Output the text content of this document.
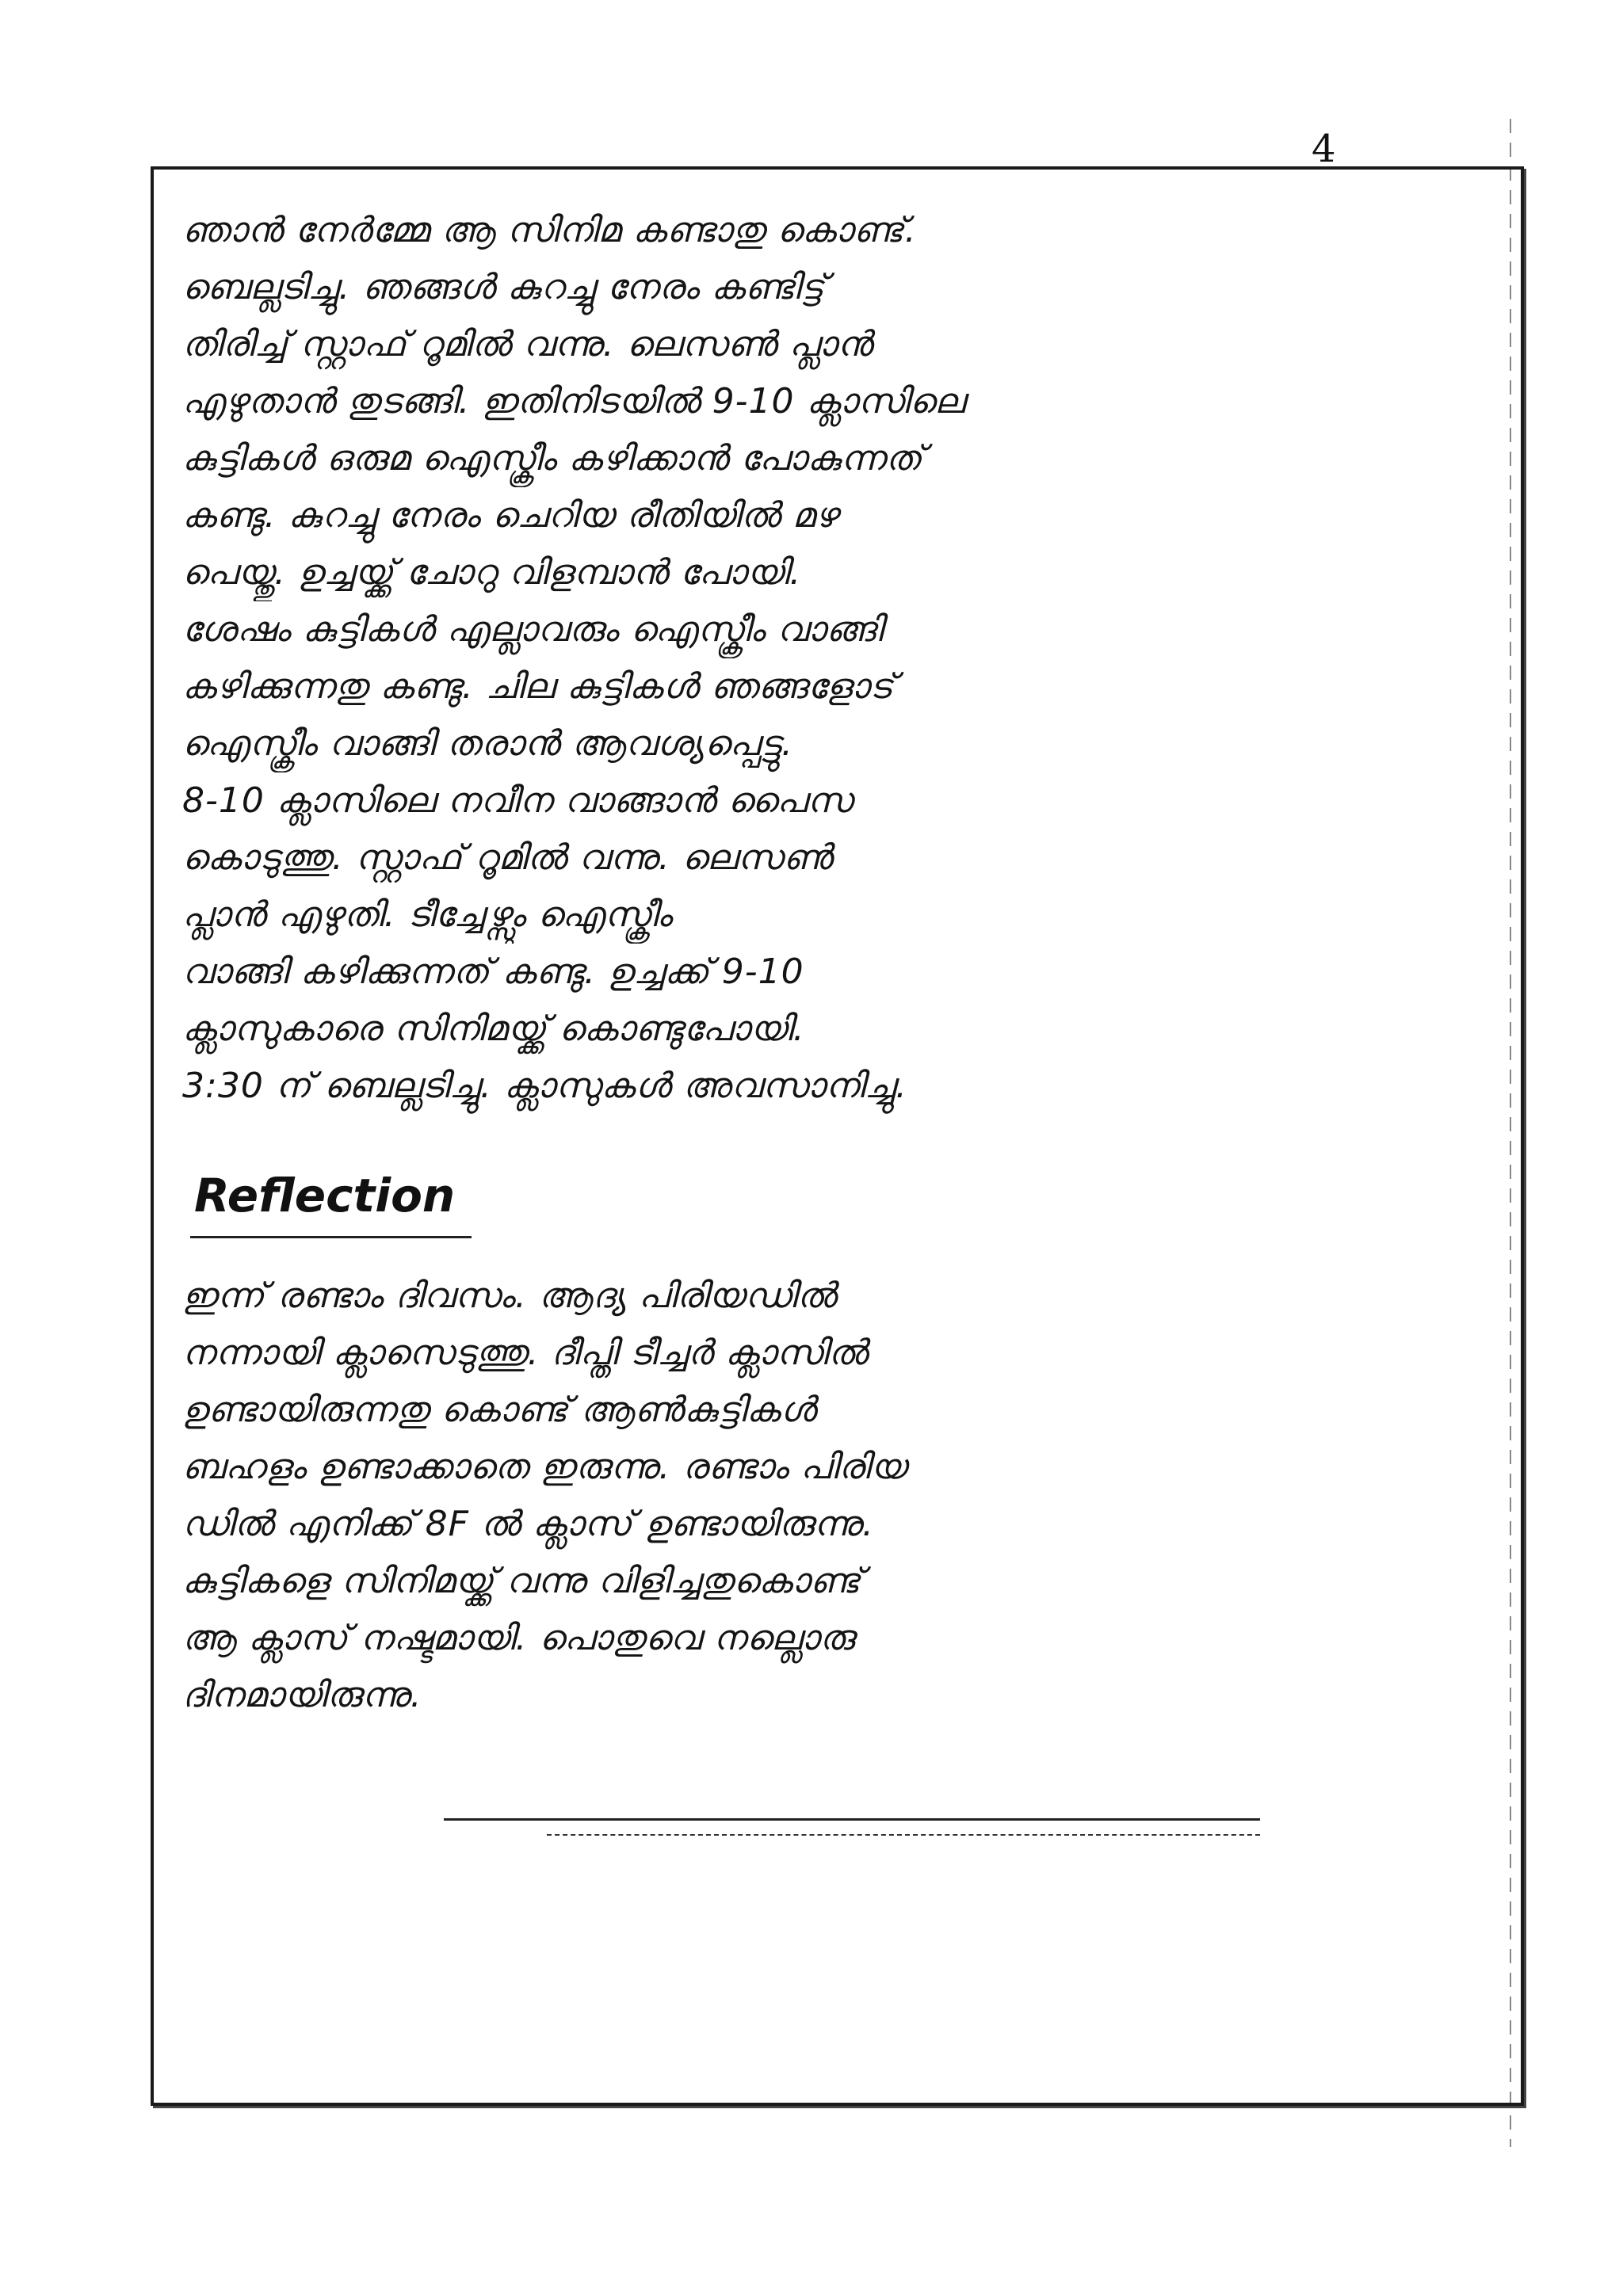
4

ഞാൻ നേർമ്മേ ആ സിനിമ കണ്ടാതു കൊണ്ട്.

ബെല്ലടിച്ചു. ഞങ്ങൾ കുറച്ചു നേരം കണ്ടിട്ട്

തിരിച്ച് സ്റ്റാഫ് റൂമിൽ വന്നു. ലെസൺ പ്ലാൻ

എഴുതാൻ തുടങ്ങി. ഇതിനിടയിൽ 9-10 ക്ലാസിലെ

കുട്ടികൾ ഒരുമ ഐസ്ക്രീം കഴിക്കാൻ പോകുന്നത്

കണ്ടു. കുറച്ചു നേരം ചെറിയ രീതിയിൽ മഴ

പെയ്തു. ഉച്ചയ്ക്ക് ചോറു വിളമ്പാൻ പോയി.

ശേഷം കുട്ടികൾ എല്ലാവരും ഐസ്ക്രീം വാങ്ങി

കഴിക്കുന്നതു കണ്ടു. ചില കുട്ടികൾ ഞങ്ങളോട്

ഐസ്ക്രീം വാങ്ങി തരാൻ ആവശ്യപ്പെട്ടു.

8-10 ക്ലാസിലെ നവീന വാങ്ങാൻ പൈസ

കൊടുത്തു. സ്റ്റാഫ് റൂമിൽ വന്നു. ലെസൺ

പ്ലാൻ എഴുതി. ടീച്ചേഴ്സും ഐസ്ക്രീം

വാങ്ങി കഴിക്കുന്നത് കണ്ടു. ഉച്ചക്ക് 9-10

ക്ലാസുകാരെ സിനിമയ്ക്ക് കൊണ്ടുപോയി.

3:30 ന് ബെല്ലടിച്ചു. ക്ലാസുകൾ അവസാനിച്ചു.

Reflection

ഇന്ന് രണ്ടാം ദിവസം. ആദ്യ പിരിയഡിൽ

നന്നായി ക്ലാസെടുത്തു. ദീപ്തി ടീച്ചർ ക്ലാസിൽ

ഉണ്ടായിരുന്നതു കൊണ്ട് ആൺകുട്ടികൾ

ബഹളം ഉണ്ടാക്കാതെ ഇരുന്നു. രണ്ടാം പിരിയ

ഡിൽ എനിക്ക് 8F ൽ ക്ലാസ് ഉണ്ടായിരുന്നു.

കുട്ടികളെ സിനിമയ്ക്ക് വന്നു വിളിച്ചതുകൊണ്ട്

ആ ക്ലാസ് നഷ്ടമായി. പൊതുവെ നല്ലൊരു

ദിനമായിരുന്നു.
